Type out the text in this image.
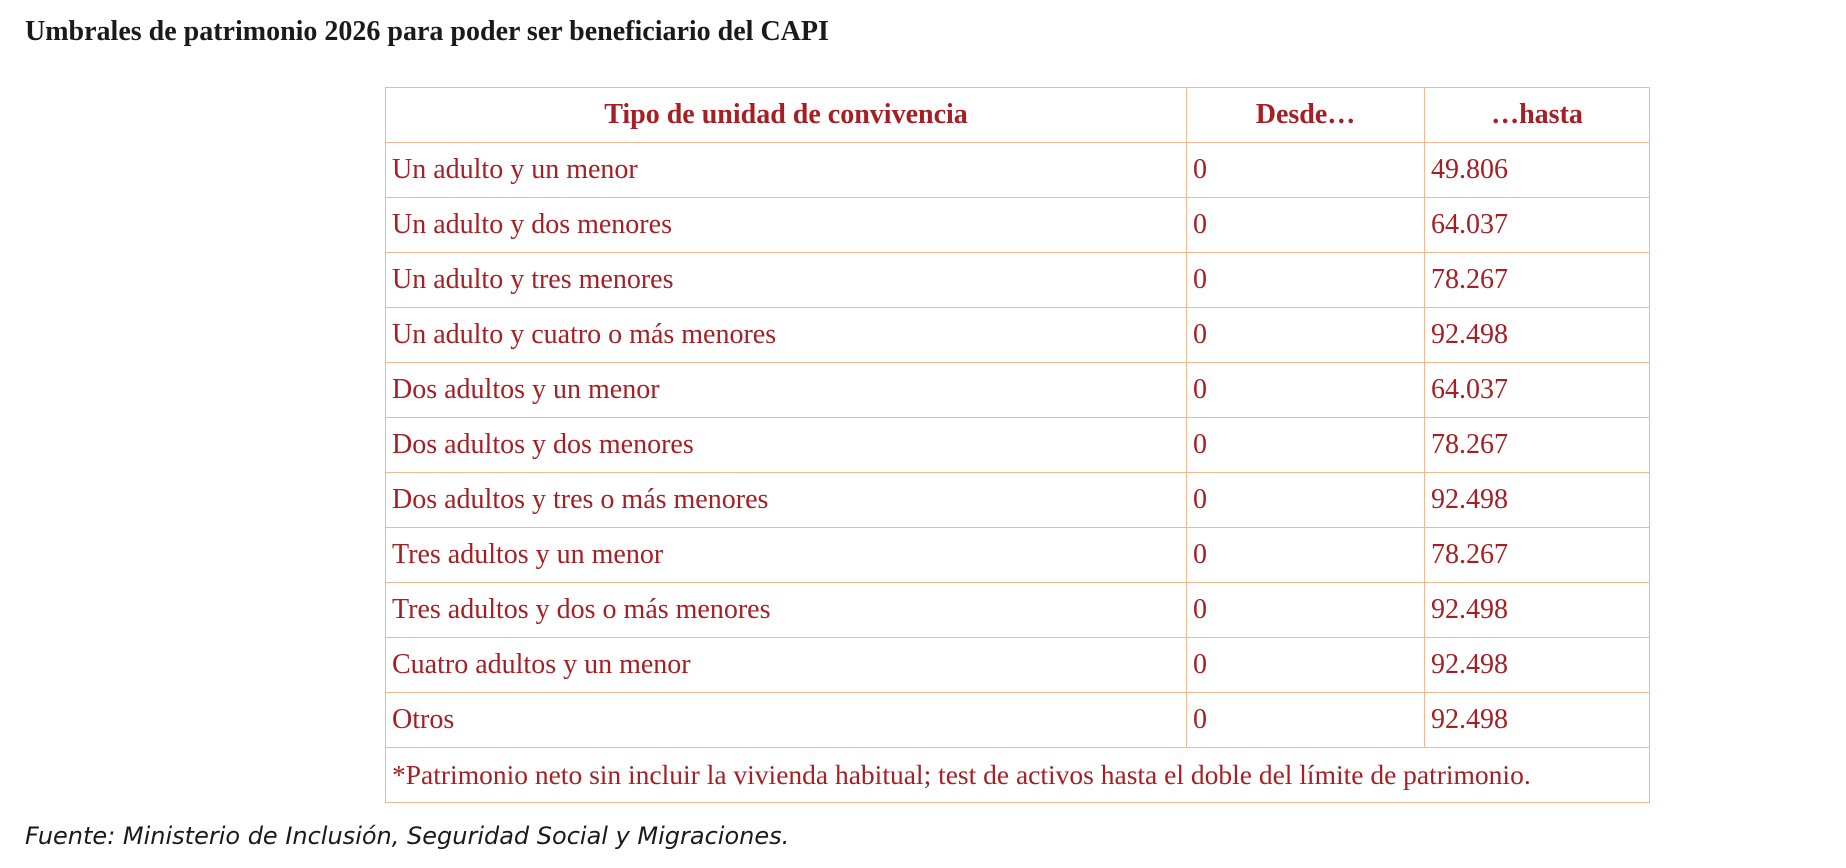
Umbrales de patrimonio 2026 para poder ser beneficiario del CAPI
Tipo de unidad de convivencia	Desde…	…hasta
Un adulto y un menor	0	49.806
Un adulto y dos menores	0	64.037
Un adulto y tres menores	0	78.267
Un adulto y cuatro o más menores	0	92.498
Dos adultos y un menor	0	64.037
Dos adultos y dos menores	0	78.267
Dos adultos y tres o más menores	0	92.498
Tres adultos y un menor	0	78.267
Tres adultos y dos o más menores	0	92.498
Cuatro adultos y un menor	0	92.498
Otros	0	92.498
*Patrimonio neto sin incluir la vivienda habitual; test de activos hasta el doble del límite de patrimonio.		

Fuente: Ministerio de Inclusión, Seguridad Social y Migraciones.
